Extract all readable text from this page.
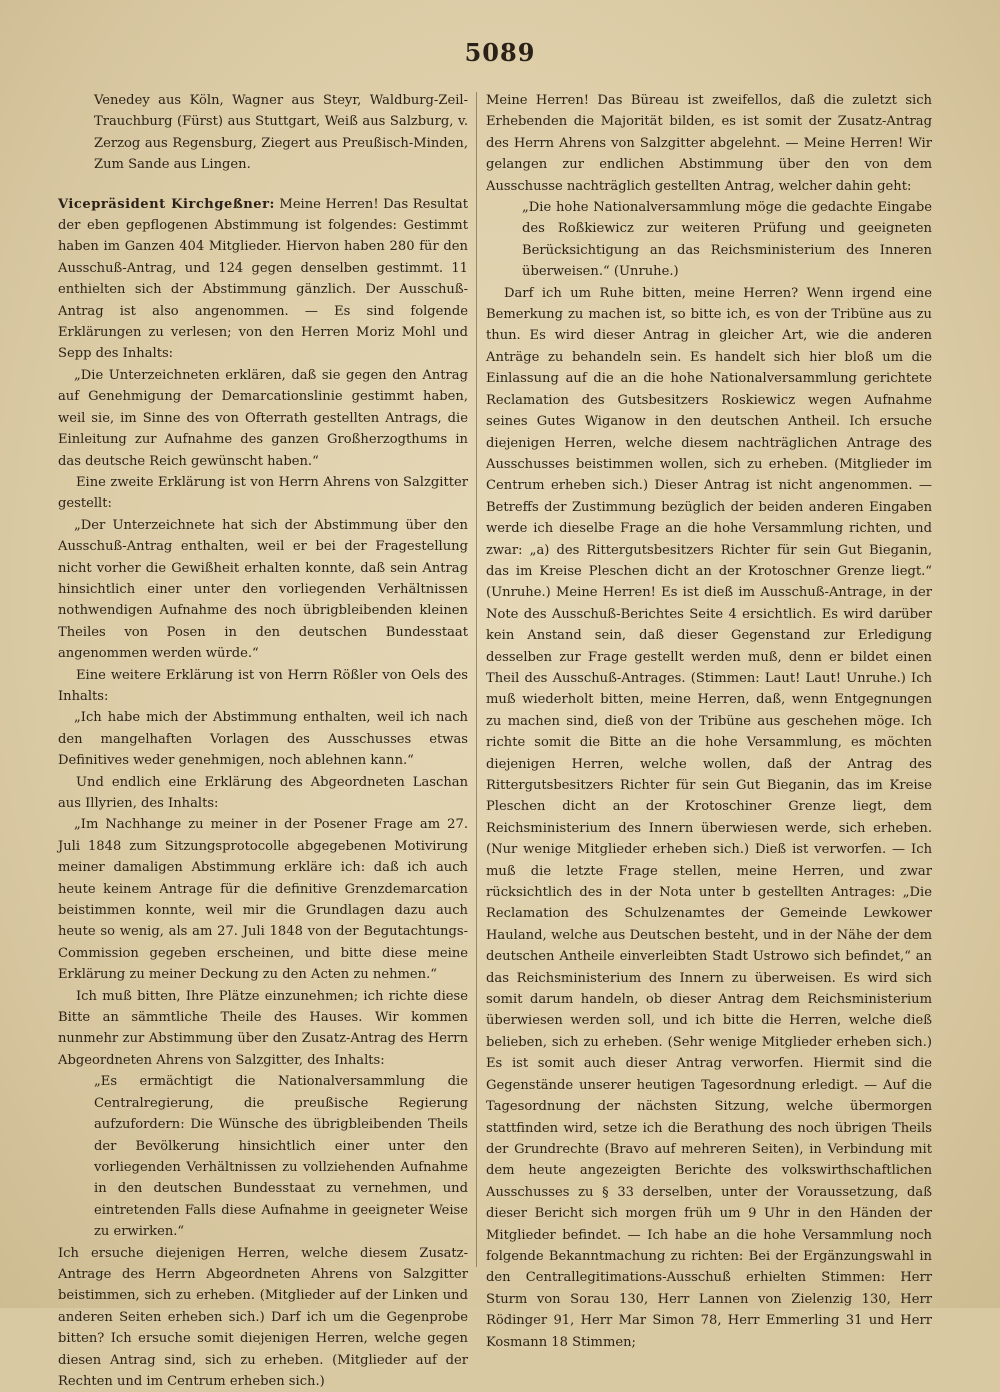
5089

Venedey aus Köln, Wagner aus Steyr, Waldburg-Zeil-Trauchburg (Fürst) aus Stuttgart, Weiß aus Salzburg, v. Zerzog aus Regensburg, Ziegert aus Preußisch-Minden, Zum Sande aus Lingen.

Vicepräsident Kirchgeßner: Meine Herren! Das Resultat der eben gepflogenen Abstimmung ist folgendes: Gestimmt haben im Ganzen 404 Mitglieder. Hiervon haben 280 für den Ausschuß-Antrag, und 124 gegen denselben gestimmt. 11 enthielten sich der Abstimmung gänzlich. Der Ausschuß-Antrag ist also angenommen. — Es sind folgende Erklärungen zu verlesen; von den Herren Moriz Mohl und Sepp des Inhalts:

„Die Unterzeichneten erklären, daß sie gegen den Antrag auf Genehmigung der Demarcationslinie gestimmt haben, weil sie, im Sinne des von Ofterrath gestellten Antrags, die Einleitung zur Aufnahme des ganzen Großherzogthums in das deutsche Reich gewünscht haben.“

Eine zweite Erklärung ist von Herrn Ahrens von Salzgitter gestellt:

„Der Unterzeichnete hat sich der Abstimmung über den Ausschuß-Antrag enthalten, weil er bei der Fragestellung nicht vorher die Gewißheit erhalten konnte, daß sein Antrag hinsichtlich einer unter den vorliegenden Verhältnissen nothwendigen Aufnahme des noch übrigbleibenden kleinen Theiles von Posen in den deutschen Bundesstaat angenommen werden würde.“

Eine weitere Erklärung ist von Herrn Rößler von Oels des Inhalts:

„Ich habe mich der Abstimmung enthalten, weil ich nach den mangelhaften Vorlagen des Ausschusses etwas Definitives weder genehmigen, noch ablehnen kann.“

Und endlich eine Erklärung des Abgeordneten Laschan aus Illyrien, des Inhalts:

„Im Nachhange zu meiner in der Posener Frage am 27. Juli 1848 zum Sitzungsprotocolle abgegebenen Motivirung meiner damaligen Abstimmung erkläre ich: daß ich auch heute keinem Antrage für die definitive Grenzdemarcation beistimmen konnte, weil mir die Grundlagen dazu auch heute so wenig, als am 27. Juli 1848 von der Begutachtungs-Commission gegeben erscheinen, und bitte diese meine Erklärung zu meiner Deckung zu den Acten zu nehmen.“

Ich muß bitten, Ihre Plätze einzunehmen; ich richte diese Bitte an sämmtliche Theile des Hauses. Wir kommen nunmehr zur Abstimmung über den Zusatz-Antrag des Herrn Abgeordneten Ahrens von Salzgitter, des Inhalts:

„Es ermächtigt die Nationalversammlung die Centralregierung, die preußische Regierung aufzufordern: Die Wünsche des übrigbleibenden Theils der Bevölkerung hinsichtlich einer unter den vorliegenden Verhältnissen zu vollziehenden Aufnahme in den deutschen Bundesstaat zu vernehmen, und eintretenden Falls diese Aufnahme in geeigneter Weise zu erwirken.“

Ich ersuche diejenigen Herren, welche diesem Zusatz-Antrage des Herrn Abgeordneten Ahrens von Salzgitter beistimmen, sich zu erheben. (Mitglieder auf der Linken und anderen Seiten erheben sich.) Darf ich um die Gegenprobe bitten? Ich ersuche somit diejenigen Herren, welche gegen diesen Antrag sind, sich zu erheben. (Mitglieder auf der Rechten und im Centrum erheben sich.)

Meine Herren! Das Büreau ist zweifellos, daß die zuletzt sich Erhebenden die Majorität bilden, es ist somit der Zusatz-Antrag des Herrn Ahrens von Salzgitter abgelehnt. — Meine Herren! Wir gelangen zur endlichen Abstimmung über den von dem Ausschusse nachträglich gestellten Antrag, welcher dahin geht:

„Die hohe Nationalversammlung möge die gedachte Eingabe des Roßkiewicz zur weiteren Prüfung und geeigneten Berücksichtigung an das Reichsministerium des Inneren überweisen.“ (Unruhe.)

Darf ich um Ruhe bitten, meine Herren? Wenn irgend eine Bemerkung zu machen ist, so bitte ich, es von der Tribüne aus zu thun. Es wird dieser Antrag in gleicher Art, wie die anderen Anträge zu behandeln sein. Es handelt sich hier bloß um die Einlassung auf die an die hohe Nationalversammlung gerichtete Reclamation des Gutsbesitzers Roskiewicz wegen Aufnahme seines Gutes Wiganow in den deutschen Antheil. Ich ersuche diejenigen Herren, welche diesem nachträglichen Antrage des Ausschusses beistimmen wollen, sich zu erheben. (Mitglieder im Centrum erheben sich.) Dieser Antrag ist nicht angenommen. — Betreffs der Zustimmung bezüglich der beiden anderen Eingaben werde ich dieselbe Frage an die hohe Versammlung richten, und zwar: „a) des Rittergutsbesitzers Richter für sein Gut Bieganin, das im Kreise Pleschen dicht an der Krotoschner Grenze liegt.“ (Unruhe.) Meine Herren! Es ist dieß im Ausschuß-Antrage, in der Note des Ausschuß-Berichtes Seite 4 ersichtlich. Es wird darüber kein Anstand sein, daß dieser Gegenstand zur Erledigung desselben zur Frage gestellt werden muß, denn er bildet einen Theil des Ausschuß-Antrages. (Stimmen: Laut! Laut! Unruhe.) Ich muß wiederholt bitten, meine Herren, daß, wenn Entgegnungen zu machen sind, dieß von der Tribüne aus geschehen möge. Ich richte somit die Bitte an die hohe Versammlung, es möchten diejenigen Herren, welche wollen, daß der Antrag des Rittergutsbesitzers Richter für sein Gut Bieganin, das im Kreise Pleschen dicht an der Krotoschiner Grenze liegt, dem Reichsministerium des Innern überwiesen werde, sich erheben. (Nur wenige Mitglieder erheben sich.) Dieß ist verworfen. — Ich muß die letzte Frage stellen, meine Herren, und zwar rücksichtlich des in der Nota unter b gestellten Antrages: „Die Reclamation des Schulzenamtes der Gemeinde Lewkower Hauland, welche aus Deutschen besteht, und in der Nähe der dem deutschen Antheile einverleibten Stadt Ustrowo sich befindet,“ an das Reichsministerium des Innern zu überweisen. Es wird sich somit darum handeln, ob dieser Antrag dem Reichsministerium überwiesen werden soll, und ich bitte die Herren, welche dieß belieben, sich zu erheben. (Sehr wenige Mitglieder erheben sich.) Es ist somit auch dieser Antrag verworfen. Hiermit sind die Gegenstände unserer heutigen Tagesordnung erledigt. — Auf die Tagesordnung der nächsten Sitzung, welche übermorgen stattfinden wird, setze ich die Berathung des noch übrigen Theils der Grundrechte (Bravo auf mehreren Seiten), in Verbindung mit dem heute angezeigten Berichte des volkswirthschaftlichen Ausschusses zu § 33 derselben, unter der Voraussetzung, daß dieser Bericht sich morgen früh um 9 Uhr in den Händen der Mitglieder befindet. — Ich habe an die hohe Versammlung noch folgende Bekanntmachung zu richten: Bei der Ergänzungswahl in den Centrallegitimations-Ausschuß erhielten Stimmen: Herr Sturm von Sorau 130, Herr Lannen von Zielenzig 130, Herr Rödinger 91, Herr Mar Simon 78, Herr Emmerling 31 und Herr Kosmann 18 Stimmen;
